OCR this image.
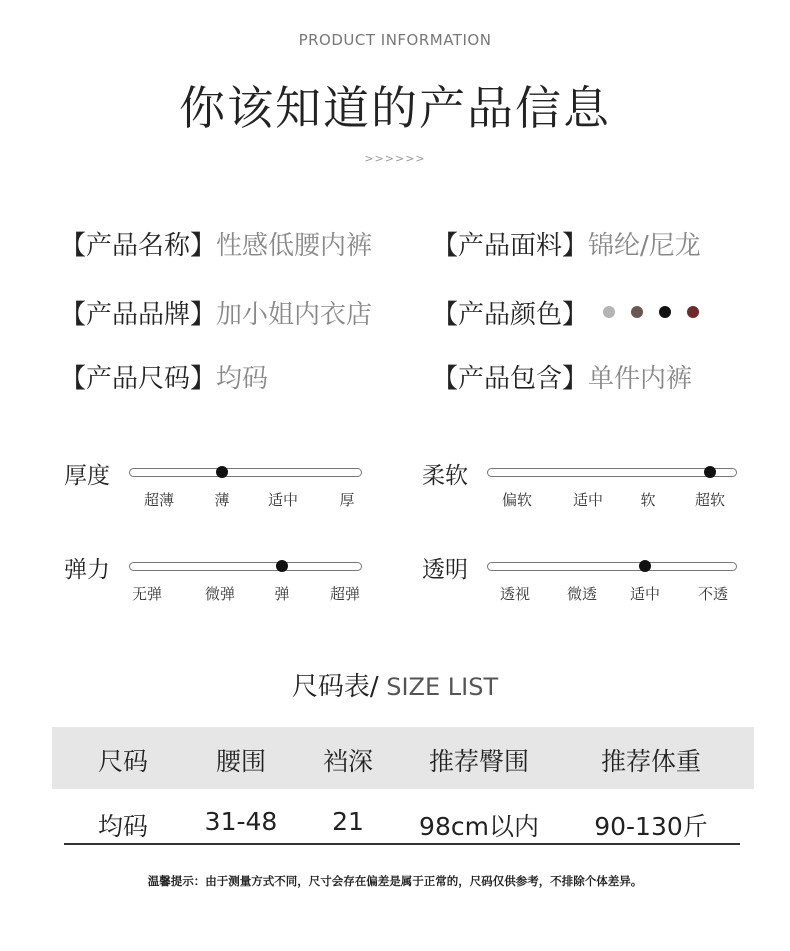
PRODUCT INFORMATION
你该知道的产品信息
>>>>>>
【产品名称】性感低腰内裤 【产品面料】锦纶/尼龙
【产品品牌】加小姐内衣店 【产品颜色】
【产品尺码】均码	【产品包含】单件内裤
厚度
超薄	薄	适中	厚
柔软
偏软	适中 软	超软
弹力
无弹	微弹	弹	超弹
透明
透视 微透 适中	不透
尺码表/ SIZE LIST
尺码	腰围 裆深 推荐臀围	推荐体重
均码 31-48 21 98cm以内 90-130斤
温馨提示：由于测量方式不同，尺寸会存在偏差是属于正常的，尺码仅供参考，不排除个体差异。
